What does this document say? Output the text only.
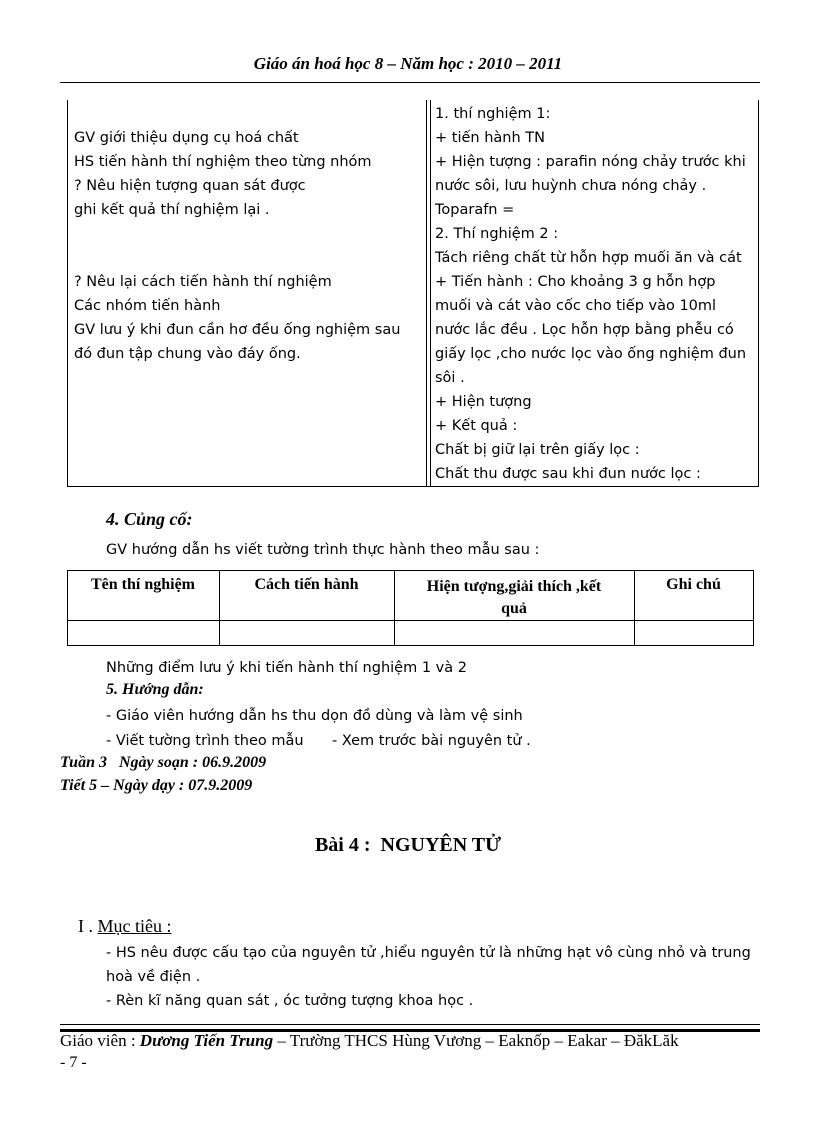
Giáo án hoá học 8 – Năm học : 2010 – 2011
GV giới thiệu dụng cụ hoá chất
HS tiến hành thí nghiệm theo từng nhóm
? Nêu hiện tượng quan sát được
ghi kết quả thí nghiệm lại .
? Nêu lại cách tiến hành thí nghiệm
Các nhóm tiến hành
GV lưu ý khi đun cần hơ đều ống nghiệm sau
đó đun tập chung vào đáy ống.
1. thí nghiệm 1:
+ tiến hành TN
+ Hiện tượng : parafin nóng chảy trước khi
nước sôi, lưu huỳnh chưa nóng chảy .
Toparafn =
2. Thí nghiệm 2 :
Tách riêng chất từ hỗn hợp muối ăn và cát
+ Tiến hành : Cho khoảng 3 g hỗn hợp
muối và cát vào cốc cho tiếp vào 10ml
nước lắc đều . Lọc hỗn hợp bằng phễu có
giấy lọc ,cho nước lọc vào ống nghiệm đun
sôi .
+ Hiện tượng
+ Kết quả :
Chất bị giữ lại trên giấy lọc :
Chất thu được sau khi đun nước lọc :
4. Củng cố:
GV hướng dẫn hs viết tường trình thực hành theo mẫu sau :
Tên thí nghiệm	Cách tiến hành	Hiện tượng,giải thích ,kết
quả
Ghi chú
Những điểm lưu ý khi tiến hành thí nghiệm 1 và 2
5. Hướng dẫn:
- Giáo viên hướng dẫn hs thu dọn đồ dùng và làm vệ sinh
- Viết tường trình theo mẫu - Xem trước bài nguyên tử .
Tuần 3   Ngày soạn : 06.9.2009
Tiết 5 – Ngày dạy : 07.9.2009
Bài 4 :  NGUYÊN TỬ
I . Mục tiêu :
- HS nêu được cấu tạo của nguyên tử ,hiểu nguyên tử là những hạt vô cùng nhỏ và trung
hoà về điện .
- Rèn kĩ năng quan sát , óc tưởng tượng khoa học .
Giáo viên : Dương Tiến Trung – Trường THCS Hùng Vương – Eaknốp – Eakar – ĐăkLăk
- 7 -
